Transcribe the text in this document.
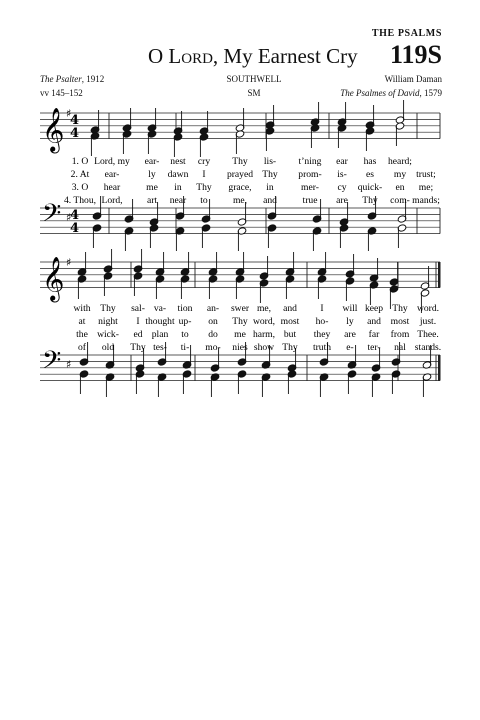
THE PSALMS
O Lord, My Earnest Cry 119S
The Psalter, 1912
vv 145–152
SOUTHWELL
SM
William Daman
The Psalmes of David, 1579
𝄞 ♯
𝄢 ♯
4
4
4
4
𝄞 ♯
𝄢 ♯
1. O Lord, my ear- nest cry Thy lis- t’ning ear has heard;
2. At ear-	ly dawn I prayed Thy prom- is- es my trust;
3. O hear	me in Thy grace, in	mer- cy quick- en me;
4. Thou, Lord,	art near to	me, and	true are Thy com- mands;
with Thy sal- va- tion an- swer me, and I will keep Thy word.
at night I thought up- on Thy word, most ho- ly and most just.
the wick- ed plan to do me harm, but they are far from Thee.
of old Thy tes- ti- mo- nies show Thy truth e- ter- nal stands.
